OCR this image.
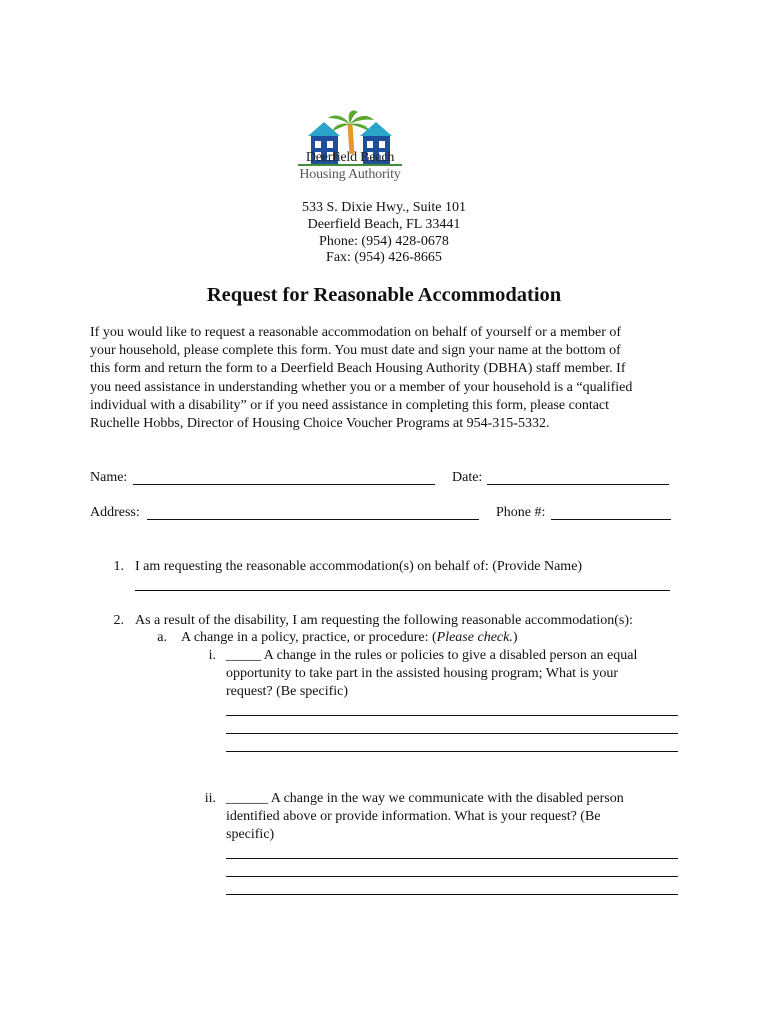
Deerfield Beach
Housing Authority
533 S. Dixie Hwy., Suite 101
Deerfield Beach, FL 33441
Phone: (954) 428-0678
Fax: (954) 426-8665
Request for Reasonable Accommodation
If you would like to request a reasonable accommodation on behalf of yourself or a member of
your household, please complete this form. You must date and sign your name at the bottom of
this form and return the form to a Deerfield Beach Housing Authority (DBHA) staff member. If
you need assistance in understanding whether you or a member of your household is a “qualified
individual with a disability” or if you need assistance in completing this form, please contact
Ruchelle Hobbs, Director of Housing Choice Voucher Programs at 954-315-5332.
Name:	Date:
Address:	Phone #:
1. I am requesting the reasonable accommodation(s) on behalf of: (Provide Name)
2. As a result of the disability, I am requesting the following reasonable accommodation(s):
a. A change in a policy, practice, or procedure: (Please check.)
i. _____ A change in the rules or policies to give a disabled person an equal
opportunity to take part in the assisted housing program; What is your
request? (Be specific)
ii. ______ A change in the way we communicate with the disabled person
identified above or provide information. What is your request? (Be
specific)
